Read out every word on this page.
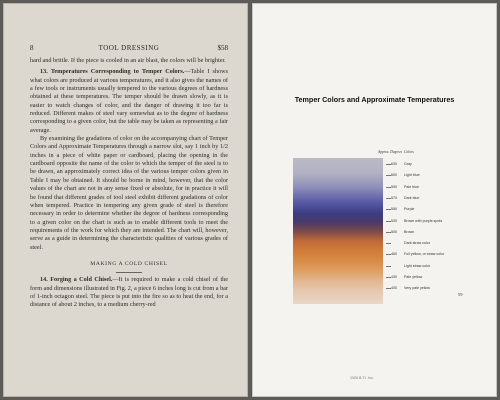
8	TOOL DRESSING	$58

hard and brittle. If the piece is cooled in an air blast, the colors will be brighter.

13. Temperatures Corresponding to Temper Colors.—Table I shows what colors are produced at various temperatures, and it also gives the names of a few tools or instruments usually tempered to the various degrees of hardness obtained at these temperatures. The temper should be drawn slowly, as it is easier to watch changes of color, and the danger of drawing it too far is reduced. Different makes of steel vary somewhat as to the degree of hardness corresponding to a given color, but the table may be taken as representing a fair average.

By examining the gradations of color on the accompanying chart of Temper Colors and Approximate Temperatures through a narrow slot, say 1 inch by 1/2 inches in a piece of white paper or cardboard, placing the opening in the cardboard opposite the name of the color to which the temper of the steel is to be drawn, an approximately correct idea of the various temper colors given in Table I may be obtained. It should be borne in mind, however, that the color values of the chart are not in any sense fixed or absolute, for in practice it will be found that different grades of tool steel exhibit different gradations of color when tempered. Practice in tempering any given grade of steel is therefore necessary in order to determine whether the degree of hardness corresponding to a given color on the chart is such as to enable different tools to meet the requirements of the work for which they are intended. The chart will, however, serve as a guide in determining the characteristic qualities of various grades of steel.

MAKING A COLD CHISEL

14. Forging a Cold Chisel.—It is required to make a cold chisel of the form and dimensions illustrated in Fig. 2, a piece 6 inches long is cut from a bar of 1-inch octagon steel. The piece is put into the fire so as to heat the end, for a distance of about 2 inches, to a medium cherry-red

Temper Colors and Approximate Temperatures
Approx. Degrees Colors
630 Gray
600 Light blue
590 Pale blue
570 Dark blue
550 Purple
530 Brown with purple spots
500 Brown
Dark straw color
460 Full yellow, or straw color
Light straw color
430 Pale yellow
400 Very pale yellow
59
1926 B.T.I. Inc.
